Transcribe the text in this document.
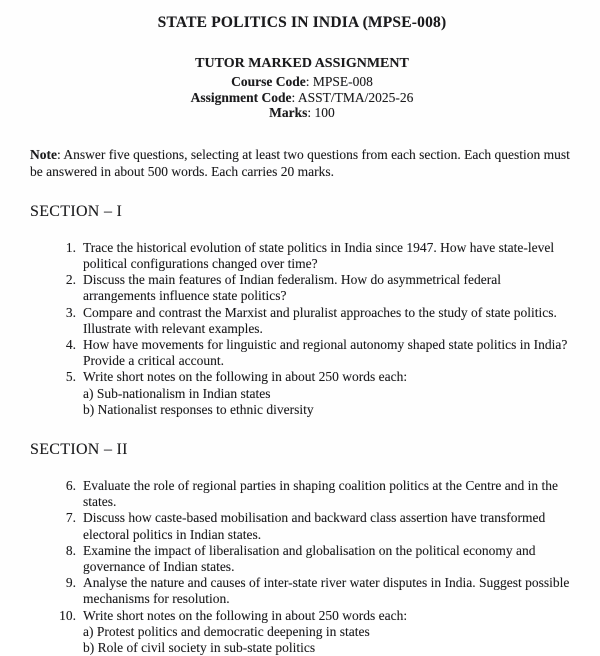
STATE POLITICS IN INDIA (MPSE-008)
TUTOR MARKED ASSIGNMENT
Course Code: MPSE-008
Assignment Code: ASST/TMA/2025-26
Marks: 100

Note: Answer five questions, selecting at least two questions from each section. Each question must be answered in about 500 words. Each carries 20 marks.

SECTION – I
1. Trace the historical evolution of state politics in India since 1947. How have state-level political configurations changed over time?
2. Discuss the main features of Indian federalism. How do asymmetrical federal arrangements influence state politics?
3. Compare and contrast the Marxist and pluralist approaches to the study of state politics. Illustrate with relevant examples.
4. How have movements for linguistic and regional autonomy shaped state politics in India? Provide a critical account.
5. Write short notes on the following in about 250 words each:
a) Sub-nationalism in Indian states
b) Nationalist responses to ethnic diversity
SECTION – II
6. Evaluate the role of regional parties in shaping coalition politics at the Centre and in the states.
7. Discuss how caste-based mobilisation and backward class assertion have transformed electoral politics in Indian states.
8. Examine the impact of liberalisation and globalisation on the political economy and governance of Indian states.
9. Analyse the nature and causes of inter-state river water disputes in India. Suggest possible mechanisms for resolution.
10. Write short notes on the following in about 250 words each:
a) Protest politics and democratic deepening in states
b) Role of civil society in sub-state politics
